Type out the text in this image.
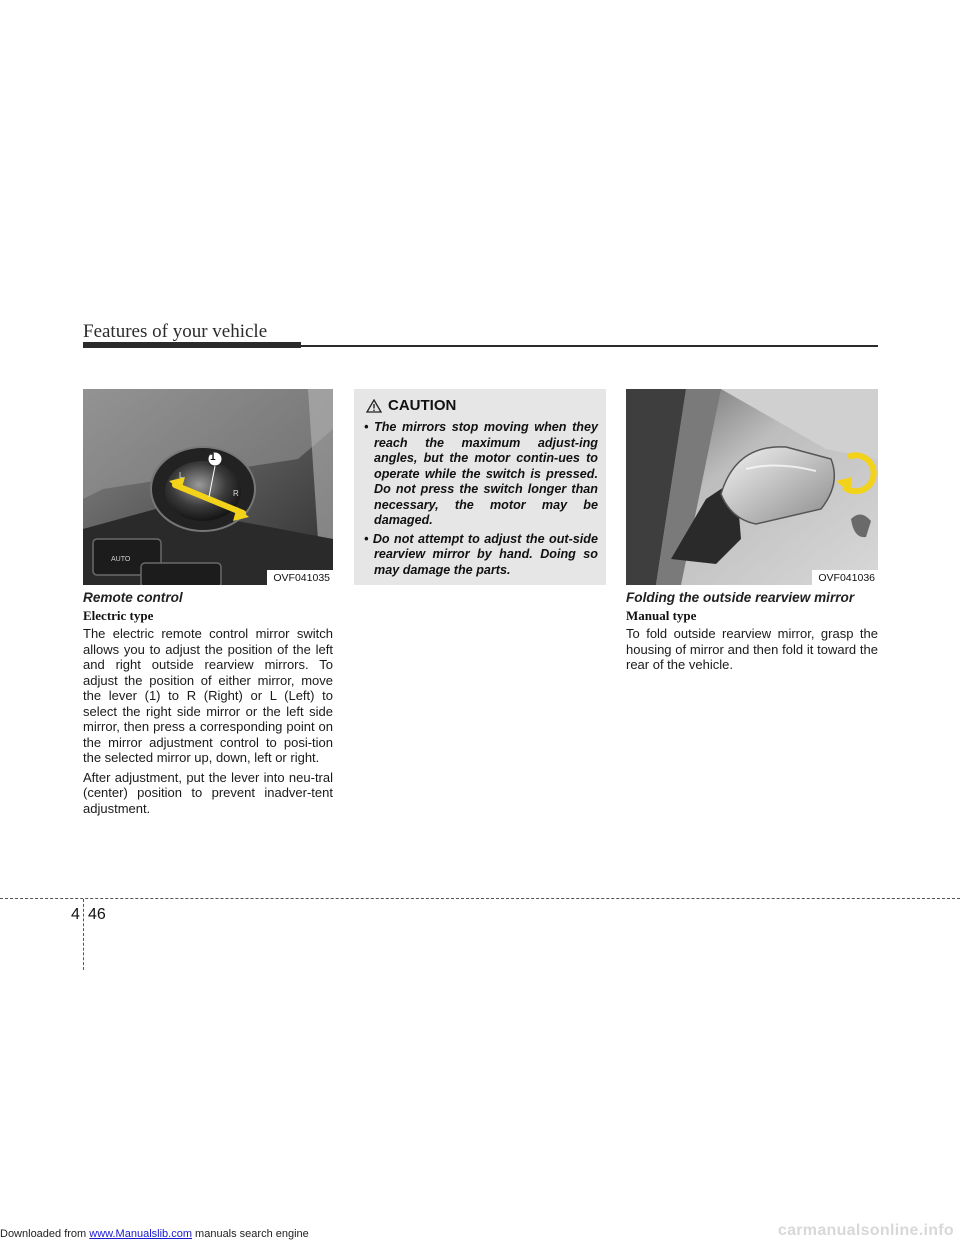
Features of your vehicle
AUTO
1
L
R
OVF041035
CAUTION
• The mirrors stop moving when they reach the maximum adjust-ing angles, but the motor contin-ues to operate while the switch is pressed. Do not press the switch longer than necessary, the motor may be damaged.
• Do not attempt to adjust the out-side rearview mirror by hand. Doing so may damage the parts.
OVF041036
Remote control
Electric type

The electric remote control mirror switch allows you to adjust the position of the left and right outside rearview mirrors. To adjust the position of either mirror, move the lever (1) to R (Right) or L (Left) to select the right side mirror or the left side mirror, then press a corresponding point on the mirror adjustment control to posi-tion the selected mirror up, down, left or right.

After adjustment, put the lever into neu-tral (center) position to prevent inadver-tent adjustment.

Folding the outside rearview mirror
Manual type

To fold outside rearview mirror, grasp the housing of mirror and then fold it toward the rear of the vehicle.

4 46
Downloaded from www.Manualslib.com manuals search engine	carmanualsonline.info
